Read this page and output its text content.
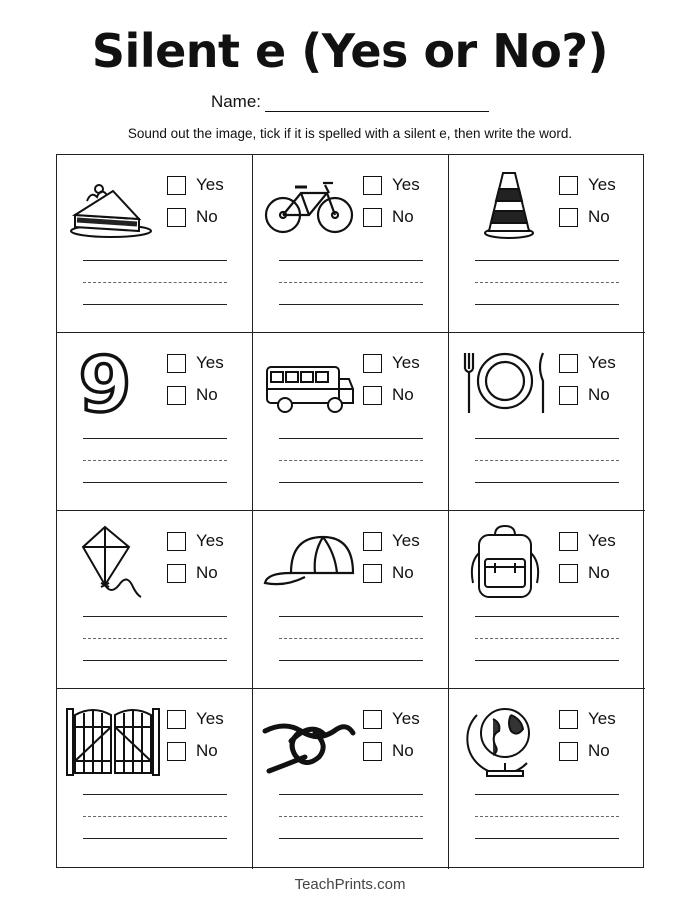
Silent e (Yes or No?)
Name:
Sound out the image, tick if it is spelled with a silent e, then write the word.
Yes
No
Yes
No
Yes
No
9	Yes
No
Yes
No
Yes
No
Yes
No
Yes
No
Yes
No
Yes
No
Yes
No
Yes
No
TeachPrints.com
